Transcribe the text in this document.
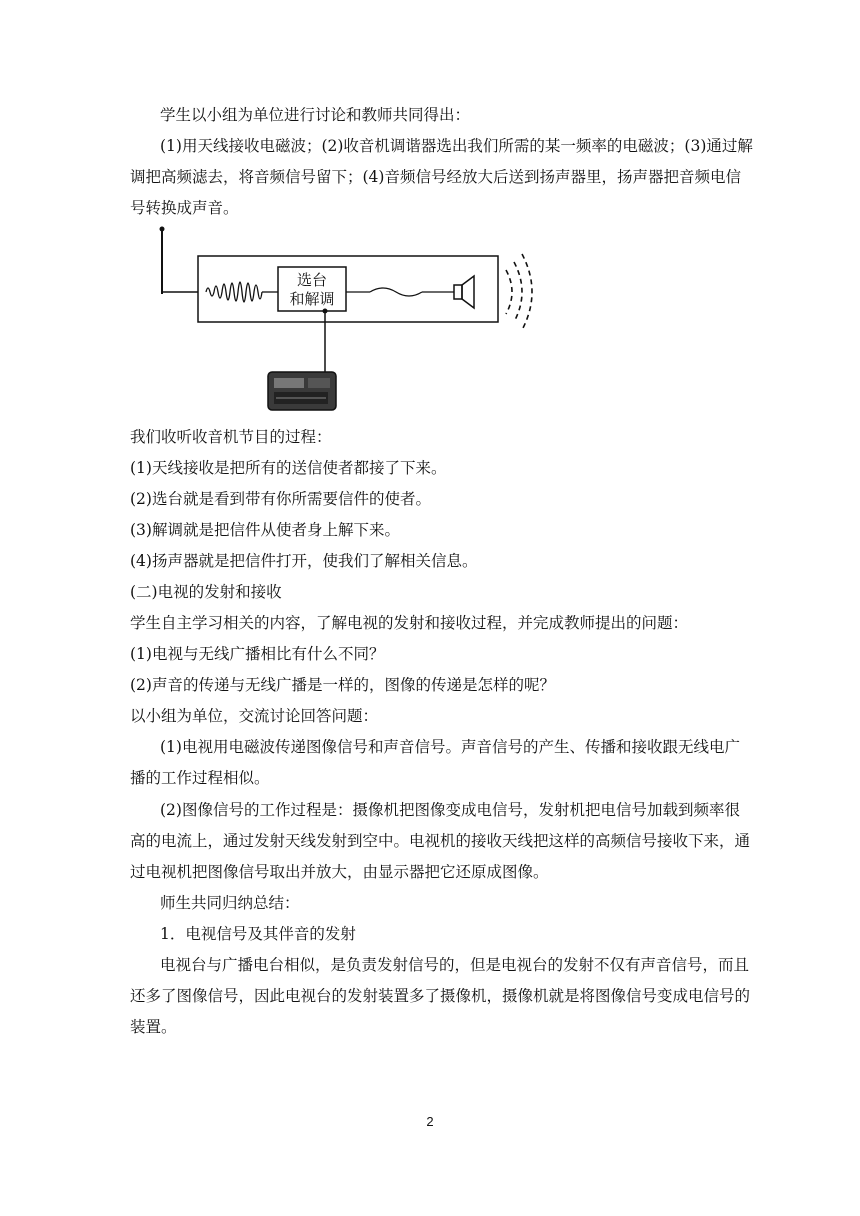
学生以小组为单位进行讨论和教师共同得出：
(1)用天线接收电磁波；(2)收音机调谐器选出我们所需的某一频率的电磁波；(3)通过解
调把高频滤去，将音频信号留下；(4)音频信号经放大后送到扬声器里，扬声器把音频电信
号转换成声音。
选台
和解调
我们收听收音机节目的过程：
(1)天线接收是把所有的送信使者都接了下来。
(2)选台就是看到带有你所需要信件的使者。
(3)解调就是把信件从使者身上解下来。
(4)扬声器就是把信件打开，使我们了解相关信息。
(二)电视的发射和接收
学生自主学习相关的内容，了解电视的发射和接收过程，并完成教师提出的问题：
(1)电视与无线广播相比有什么不同？
(2)声音的传递与无线广播是一样的，图像的传递是怎样的呢？
以小组为单位，交流讨论回答问题：
(1)电视用电磁波传递图像信号和声音信号。声音信号的产生、传播和接收跟无线电广
播的工作过程相似。
(2)图像信号的工作过程是：摄像机把图像变成电信号，发射机把电信号加载到频率很
高的电流上，通过发射天线发射到空中。电视机的接收天线把这样的高频信号接收下来，通
过电视机把图像信号取出并放大，由显示器把它还原成图像。
师生共同归纳总结：
1．电视信号及其伴音的发射
电视台与广播电台相似，是负责发射信号的，但是电视台的发射不仅有声音信号，而且
还多了图像信号，因此电视台的发射装置多了摄像机，摄像机就是将图像信号变成电信号的
装置。
2
